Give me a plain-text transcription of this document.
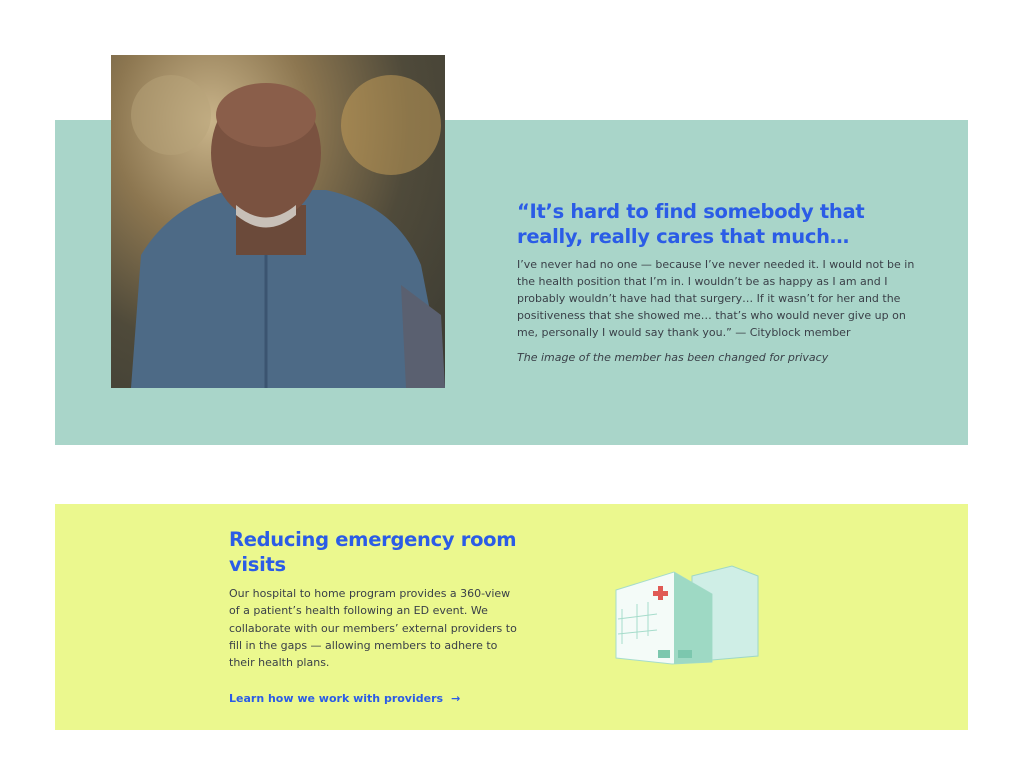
“It’s hard to find somebody that really, really cares that much…

I’ve never had no one — because I’ve never needed it. I would not be in the health position that I’m in. I wouldn’t be as happy as I am and I probably wouldn’t have had that surgery… If it wasn’t for her and the positiveness that she showed me… that’s who would never give up on me, personally I would say thank you.” — Cityblock member

The image of the member has been changed for privacy

Reducing emergency room visits

Our hospital to home program provides a 360-view of a patient’s health following an ED event. We collaborate with our members’ external providers to fill in the gaps — allowing members to adhere to their health plans.

Learn how we work with providers →
